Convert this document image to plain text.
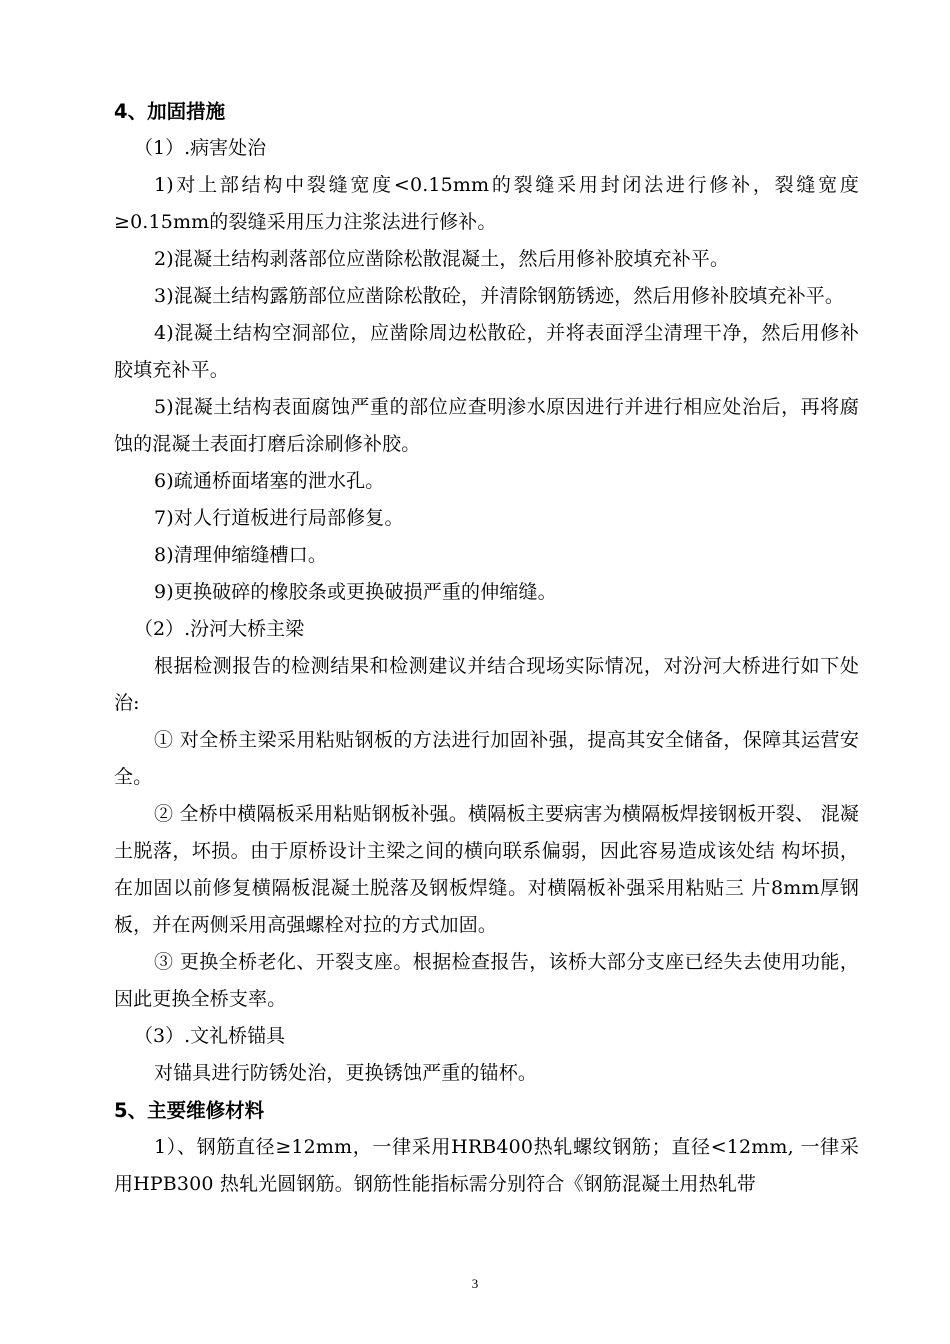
4、加固措施

（1）.病害处治

1)对上部结构中裂缝宽度<0.15mm的裂缝采用封闭法进行修补，裂缝宽度≥0.15mm的裂缝采用压力注浆法进行修补。

2)混凝土结构剥落部位应凿除松散混凝土，然后用修补胶填充补平。

3)混凝土结构露筋部位应凿除松散砼，并清除钢筋锈迹，然后用修补胶填充补平。

4)混凝土结构空洞部位，应凿除周边松散砼，并将表面浮尘清理干净，然后用修补胶填充补平。

5)混凝土结构表面腐蚀严重的部位应查明渗水原因进行并进行相应处治后，再将腐蚀的混凝土表面打磨后涂刷修补胶。

6)疏通桥面堵塞的泄水孔。

7)对人行道板进行局部修复。

8)清理伸缩缝槽口。

9)更换破碎的橡胶条或更换破损严重的伸缩缝。

（2）.汾河大桥主梁

根据检测报告的检测结果和检测建议并结合现场实际情况，对汾河大桥进行如下处治:

① 对全桥主梁采用粘贴钢板的方法进行加固补强，提高其安全储备，保障其运营安全。

② 全桥中横隔板采用粘贴钢板补强。横隔板主要病害为横隔板焊接钢板开裂、 混凝土脱落，坏损。由于原桥设计主梁之间的横向联系偏弱，因此容易造成该处结 构坏损，在加固以前修复横隔板混凝土脱落及钢板焊缝。对横隔板补强采用粘贴三 片8mm厚钢板，并在两侧采用高强螺栓对拉的方式加固。

③ 更换全桥老化、开裂支座。根据检查报告，该桥大部分支座已经失去使用功能，因此更换全桥支率。

（3）.文礼桥锚具

对锚具进行防锈处治，更换锈蚀严重的锚杯。

5、主要维修材料

1）、钢筋直径≥12mm，一律采用HRB400热轧螺纹钢筋；直径<12mm, 一律采用HPB300 热轧光圆钢筋。钢筋性能指标需分别符合《钢筋混凝土用热轧带

3
